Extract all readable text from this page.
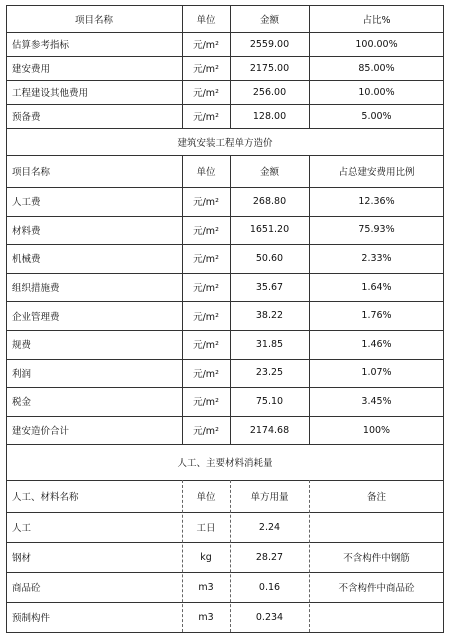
项目名称	单位	金额	占比%
估算参考指标	元/m²	2559.00	100.00%
建安费用	元/m²	2175.00	85.00%
工程建设其他费用	元/m²	256.00	10.00%
预备费	元/m²	128.00	5.00%
建筑安装工程单方造价
项目名称	单位	金额	占总建安费用比例
人工费	元/m²	268.80	12.36%
材料费	元/m²	1651.20	75.93%
机械费	元/m²	50.60	2.33%
组织措施费	元/m²	35.67	1.64%
企业管理费	元/m²	38.22	1.76%
规费	元/m²	31.85	1.46%
利润	元/m²	23.25	1.07%
税金	元/m²	75.10	3.45%
建安造价合计	元/m²	2174.68	100%
人工、主要材料消耗量
人工、材料名称	单位	单方用量	备注
人工	工日	2.24
钢材	kg	28.27	不含构件中钢筋
商品砼	m3	0.16	不含构件中商品砼
预制构件	m3	0.234
